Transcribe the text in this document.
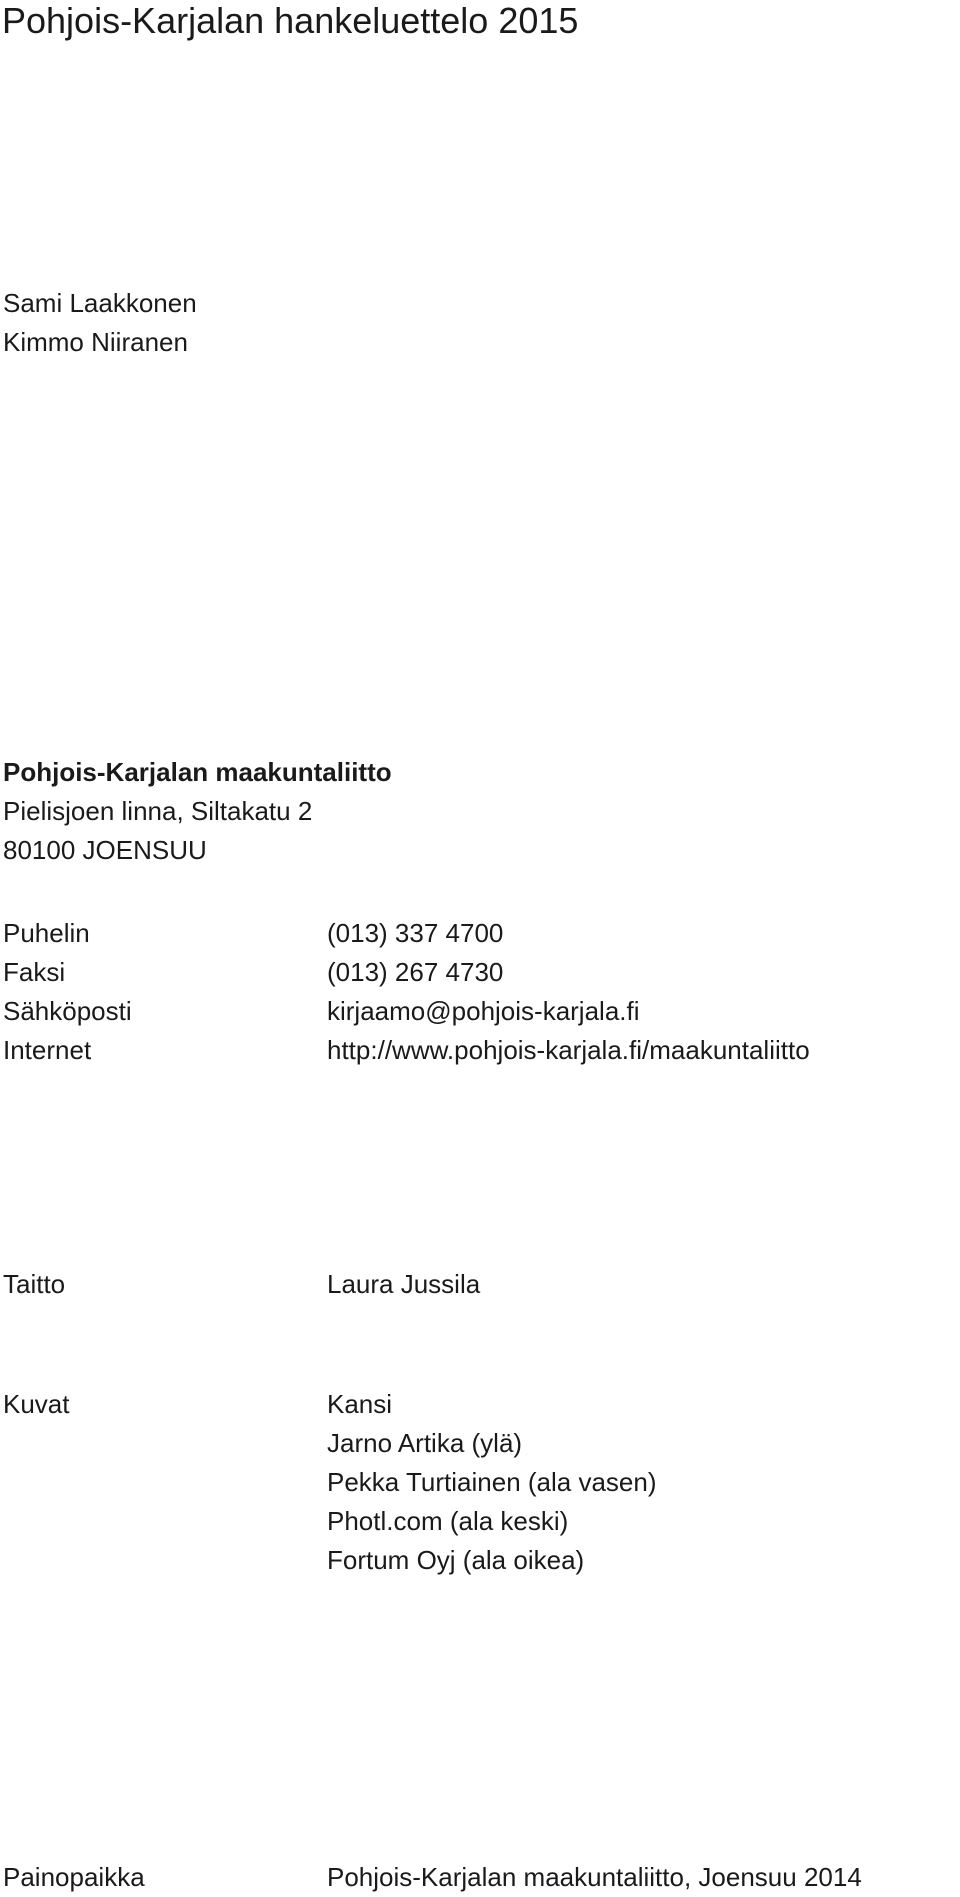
Pohjois-Karjalan hankeluettelo 2015
Sami Laakkonen
Kimmo Niiranen
Pohjois-Karjalan maakuntaliitto
Pielisjoen linna, Siltakatu 2
80100 JOENSUU
Puhelin	(013) 337 4700
Faksi	(013) 267 4730
Sähköposti	kirjaamo@pohjois-karjala.fi
Internet	http://www.pohjois-karjala.fi/maakuntaliitto
Taitto	Laura Jussila
Kuvat	Kansi
Jarno Artika (ylä)
Pekka Turtiainen (ala vasen)
Photl.com (ala keski)
Fortum Oyj (ala oikea)
Painopaikka	Pohjois-Karjalan maakuntaliitto, Joensuu 2014
